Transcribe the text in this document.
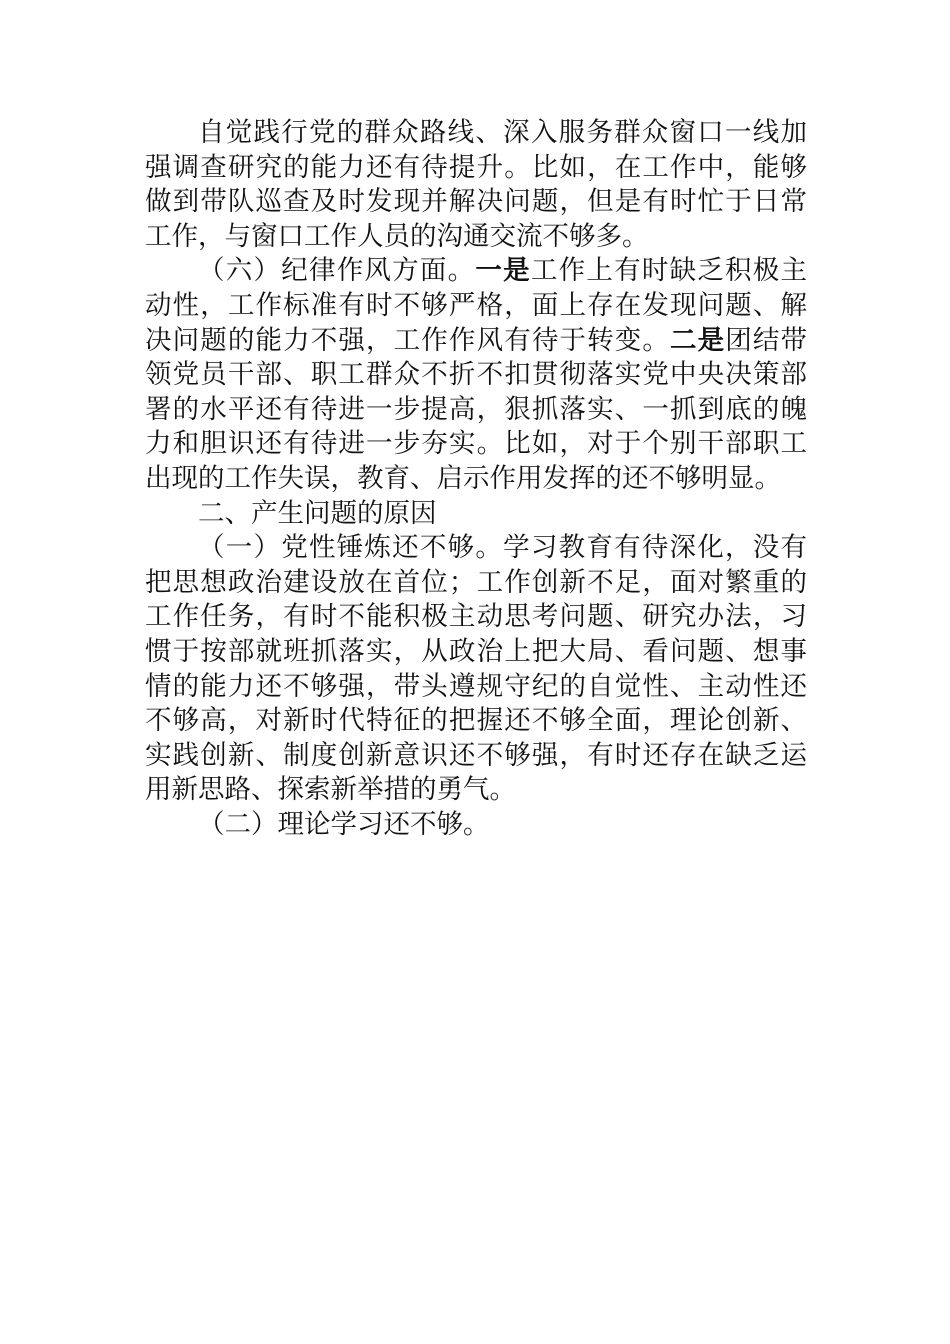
自觉践行党的群众路线、深入服务群众窗口一线加强调查研究的能力还有待提升。比如，在工作中，能够做到带队巡查及时发现并解决问题，但是有时忙于日常工作，与窗口工作人员的沟通交流不够多。

（六）纪律作风方面。一是工作上有时缺乏积极主动性，工作标准有时不够严格，面上存在发现问题、解决问题的能力不强，工作作风有待于转变。二是团结带领党员干部、职工群众不折不扣贯彻落实党中央决策部署的水平还有待进一步提高，狠抓落实、一抓到底的魄力和胆识还有待进一步夯实。比如，对于个别干部职工出现的工作失误，教育、启示作用发挥的还不够明显。

二、产生问题的原因

（一）党性锤炼还不够。学习教育有待深化，没有把思想政治建设放在首位；工作创新不足，面对繁重的工作任务，有时不能积极主动思考问题、研究办法，习惯于按部就班抓落实，从政治上把大局、看问题、想事情的能力还不够强，带头遵规守纪的自觉性、主动性还不够高，对新时代特征的把握还不够全面，理论创新、实践创新、制度创新意识还不够强，有时还存在缺乏运用新思路、探索新举措的勇气。

（二）理论学习还不够。
